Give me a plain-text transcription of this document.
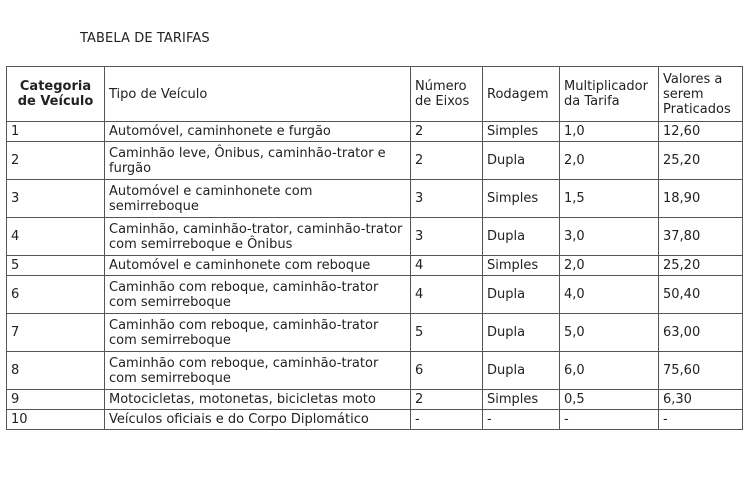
TABELA DE TARIFAS
Categoria de Veículo	Tipo de Veículo	Número de Eixos	Rodagem	Multiplicador da Tarifa	Valores a serem Praticados
1	Automóvel, caminhonete e furgão	2	Simples	1,0	12,60
2	Caminhão leve, Ônibus, caminhão-trator e furgão	2	Dupla	2,0	25,20
3	Automóvel e caminhonete com semirreboque	3	Simples	1,5	18,90
4	Caminhão, caminhão-trator, caminhão-trator com semirreboque e Ônibus	3	Dupla	3,0	37,80
5	Automóvel e caminhonete com reboque	4	Simples	2,0	25,20
6	Caminhão com reboque, caminhão-trator com semirreboque	4	Dupla	4,0	50,40
7	Caminhão com reboque, caminhão-trator com semirreboque	5	Dupla	5,0	63,00
8	Caminhão com reboque, caminhão-trator com semirreboque	6	Dupla	6,0	75,60
9	Motocicletas, motonetas, bicicletas moto	2	Simples	0,5	6,30
10	Veículos oficiais e do Corpo Diplomático	-	-	-	-
